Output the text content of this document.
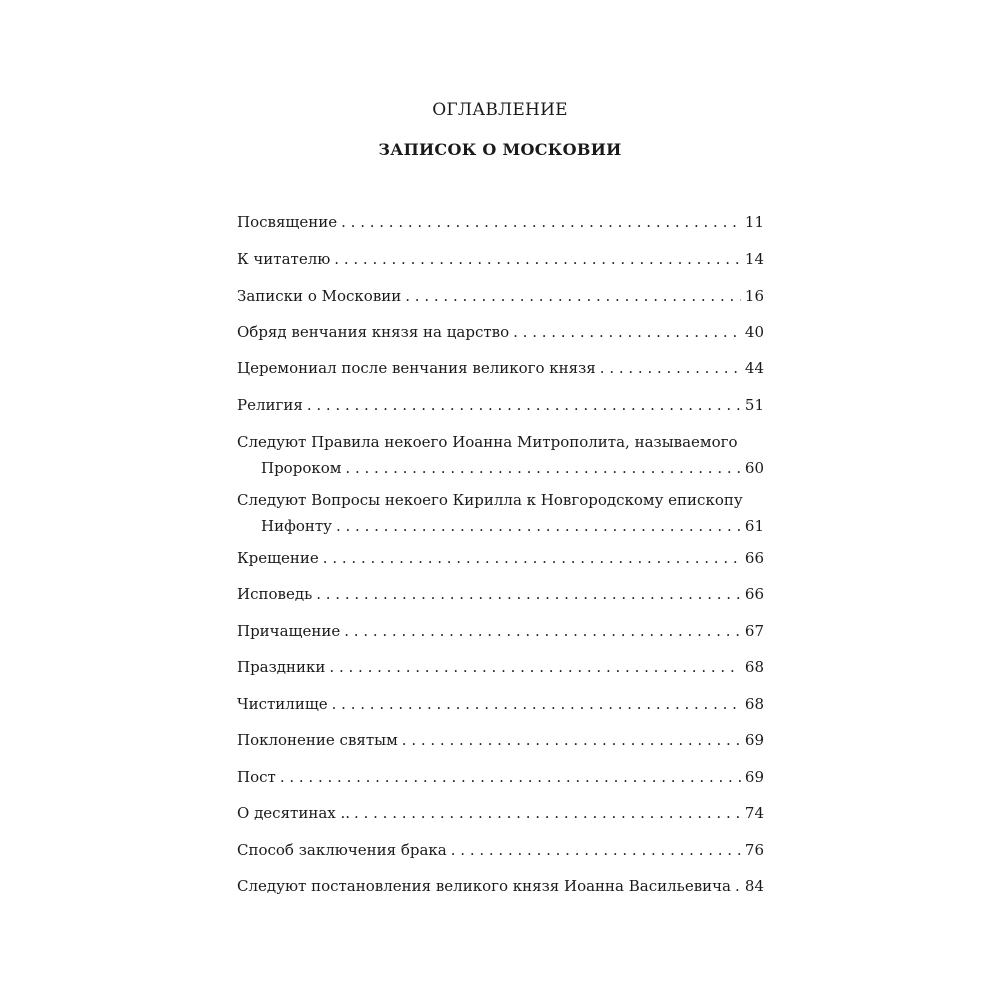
ОГЛАВЛЕНИЕ
ЗАПИСОК О МОСКОВИИ
Посвящение . . .	11
К читателю . . .	14
Записки о Московии . . .	16
Обряд венчания князя на царство . . .	40
Церемониал после венчания великого князя . . .	44
Религия . . .	51
Следуют Правила некоего Иоанна Митрополита, называемого
Пророком . . .	60
Следуют Вопросы некоего Кирилла к Новгородскому епископу
Нифонту . . .	61
Крещение . . .	66
Исповедь . . .	66
Причащение . . .	67
Праздники . . .	68
Чистилище . . .	68
Поклонение святым . . .	69
Пост . . .	69
О десятинах .. . . .	74
Способ заключения брака . . .	76
Следуют постановления великого князя Иоанна Васильевича . . . 84
